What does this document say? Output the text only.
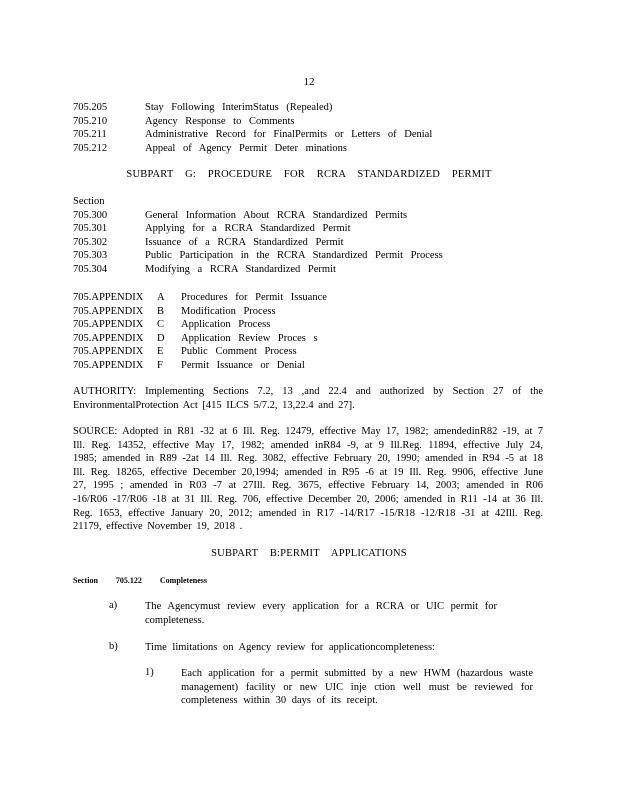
12
705.205	Stay Following InterimStatus (Repealed)
705.210	Agency Response to Comments
705.211	Administrative Record for FinalPermits or Letters of Denial
705.212	Appeal of Agency Permit Deter minations
SUBPART G: PROCEDURE FOR RCRA STANDARDIZED PERMIT
Section
705.300	General Information About RCRA Standardized Permits
705.301	Applying for a RCRA Standardized Permit
705.302	Issuance of a RCRA Standardized Permit
705.303	Public Participation in the RCRA Standardized Permit Process
705.304	Modifying a RCRA Standardized Permit
705.APPENDIX	A	Procedures for Permit Issuance
705.APPENDIX	B	Modification Process
705.APPENDIX	C	Application Process
705.APPENDIX	D	Application Review Proces s
705.APPENDIX	E	Public Comment Process
705.APPENDIX	F	Permit Issuance or Denial
AUTHORITY: Implementing Sections 7.2, 13 ,and 22.4 and authorized by Section 27 of the EnvironmentalProtection Act [415 ILCS 5/7.2, 13,22.4 and 27].
SOURCE: Adopted in R81 -32 at 6 Ill. Reg. 12479, effective May 17, 1982; amendedinR82 -19, at 7 Ill. Reg. 14352, effective May 17, 1982; amended inR84 -9, at 9 Ill.Reg. 11894, effective July 24, 1985; amended in R89 -2at 14 Ill. Reg. 3082, effective February 20, 1990; amended in R94 -5 at 18 Ill. Reg. 18265, effective December 20,1994; amended in R95 -6 at 19 Ill. Reg. 9906, effective June 27, 1995 ; amended in R03 -7 at 27Ill. Reg. 3675, effective February 14, 2003; amended in R06 -16/R06 -17/R06 -18 at 31 Ill. Reg. 706, effective December 20, 2006; amended in R11 -14 at 36 Ill. Reg. 1653, effective January 20, 2012; amended in R17 -14/R17 -15/R18 -12/R18 -31 at 42Ill. Reg. 21179, effective November 19, 2018 .
SUBPART B:PERMIT APPLICATIONS
Section 705.122 Completeness
a)	The Agencymust review every application for a RCRA or UIC permit for completeness.
b)	Time limitations on Agency review for applicationcompleteness:
1)	Each application for a permit submitted by a new HWM (hazardous waste management) facility or new UIC inje ction well must be reviewed for completeness within 30 days of its receipt.
